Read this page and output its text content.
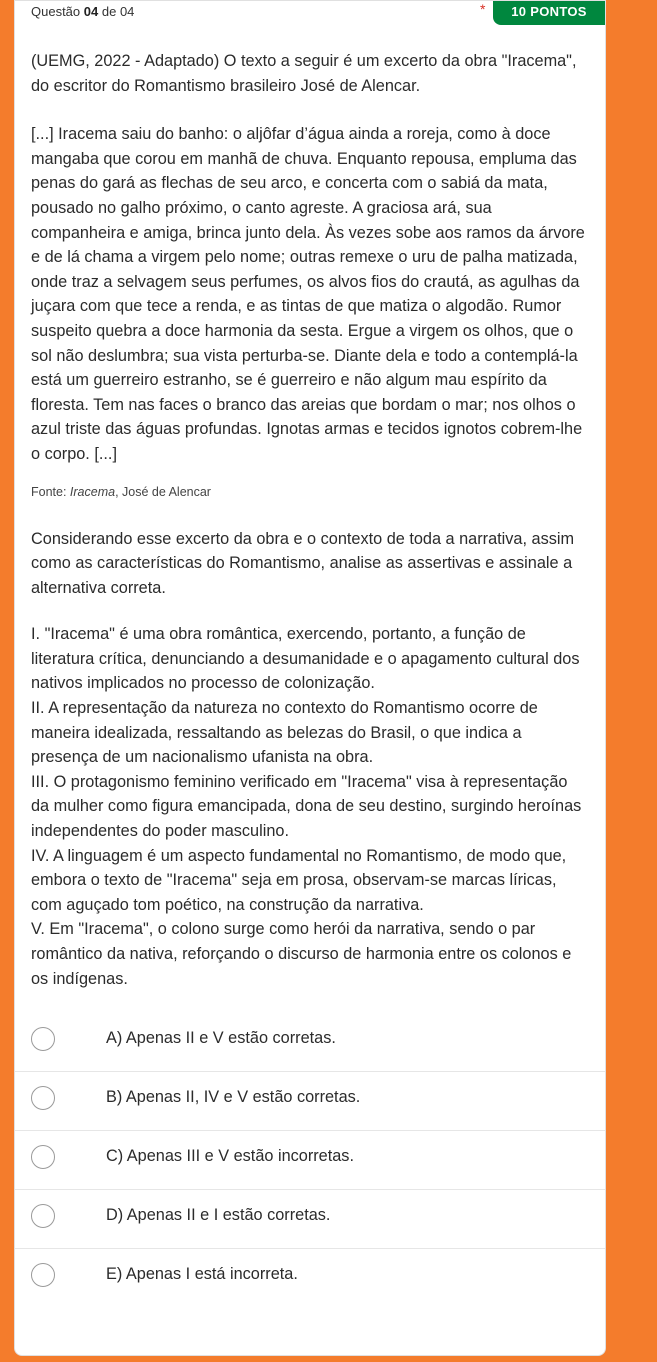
Questão 04 de 04	*	10 PONTOS

(UEMG, 2022 - Adaptado) O texto a seguir é um excerto da obra "Iracema", do escritor do Romantismo brasileiro José de Alencar.

[...] Iracema saiu do banho: o aljôfar d’água ainda a roreja, como à doce mangaba que corou em manhã de chuva. Enquanto repousa, empluma das penas do gará as flechas de seu arco, e concerta com o sabiá da mata, pousado no galho próximo, o canto agreste. A graciosa ará, sua companheira e amiga, brinca junto dela. Às vezes sobe aos ramos da árvore e de lá chama a virgem pelo nome; outras remexe o uru de palha matizada, onde traz a selvagem seus perfumes, os alvos fios do crautá, as agulhas da juçara com que tece a renda, e as tintas de que matiza o algodão. Rumor suspeito quebra a doce harmonia da sesta. Ergue a virgem os olhos, que o sol não deslumbra; sua vista perturba-se. Diante dela e todo a contemplá-la está um guerreiro estranho, se é guerreiro e não algum mau espírito da floresta. Tem nas faces o branco das areias que bordam o mar; nos olhos o azul triste das águas profundas. Ignotas armas e tecidos ignotos cobrem-lhe o corpo. [...]

Fonte: Iracema, José de Alencar

Considerando esse excerto da obra e o contexto de toda a narrativa, assim como as características do Romantismo, analise as assertivas e assinale a alternativa correta.

I. "Iracema" é uma obra romântica, exercendo, portanto, a função de literatura crítica, denunciando a desumanidade e o apagamento cultural dos nativos implicados no processo de colonização.
II. A representação da natureza no contexto do Romantismo ocorre de maneira idealizada, ressaltando as belezas do Brasil, o que indica a presença de um nacionalismo ufanista na obra.
III. O protagonismo feminino verificado em "Iracema" visa à representação da mulher como figura emancipada, dona de seu destino, surgindo heroínas independentes do poder masculino.
IV. A linguagem é um aspecto fundamental no Romantismo, de modo que, embora o texto de "Iracema" seja em prosa, observam-se marcas líricas, com aguçado tom poético, na construção da narrativa.
V. Em "Iracema", o colono surge como herói da narrativa, sendo o par romântico da nativa, reforçando o discurso de harmonia entre os colonos e os indígenas.
A) Apenas II e V estão corretas.
B) Apenas II, IV e V estão corretas.
C) Apenas III e V estão incorretas.
D) Apenas II e I estão corretas.
E) Apenas I está incorreta.
